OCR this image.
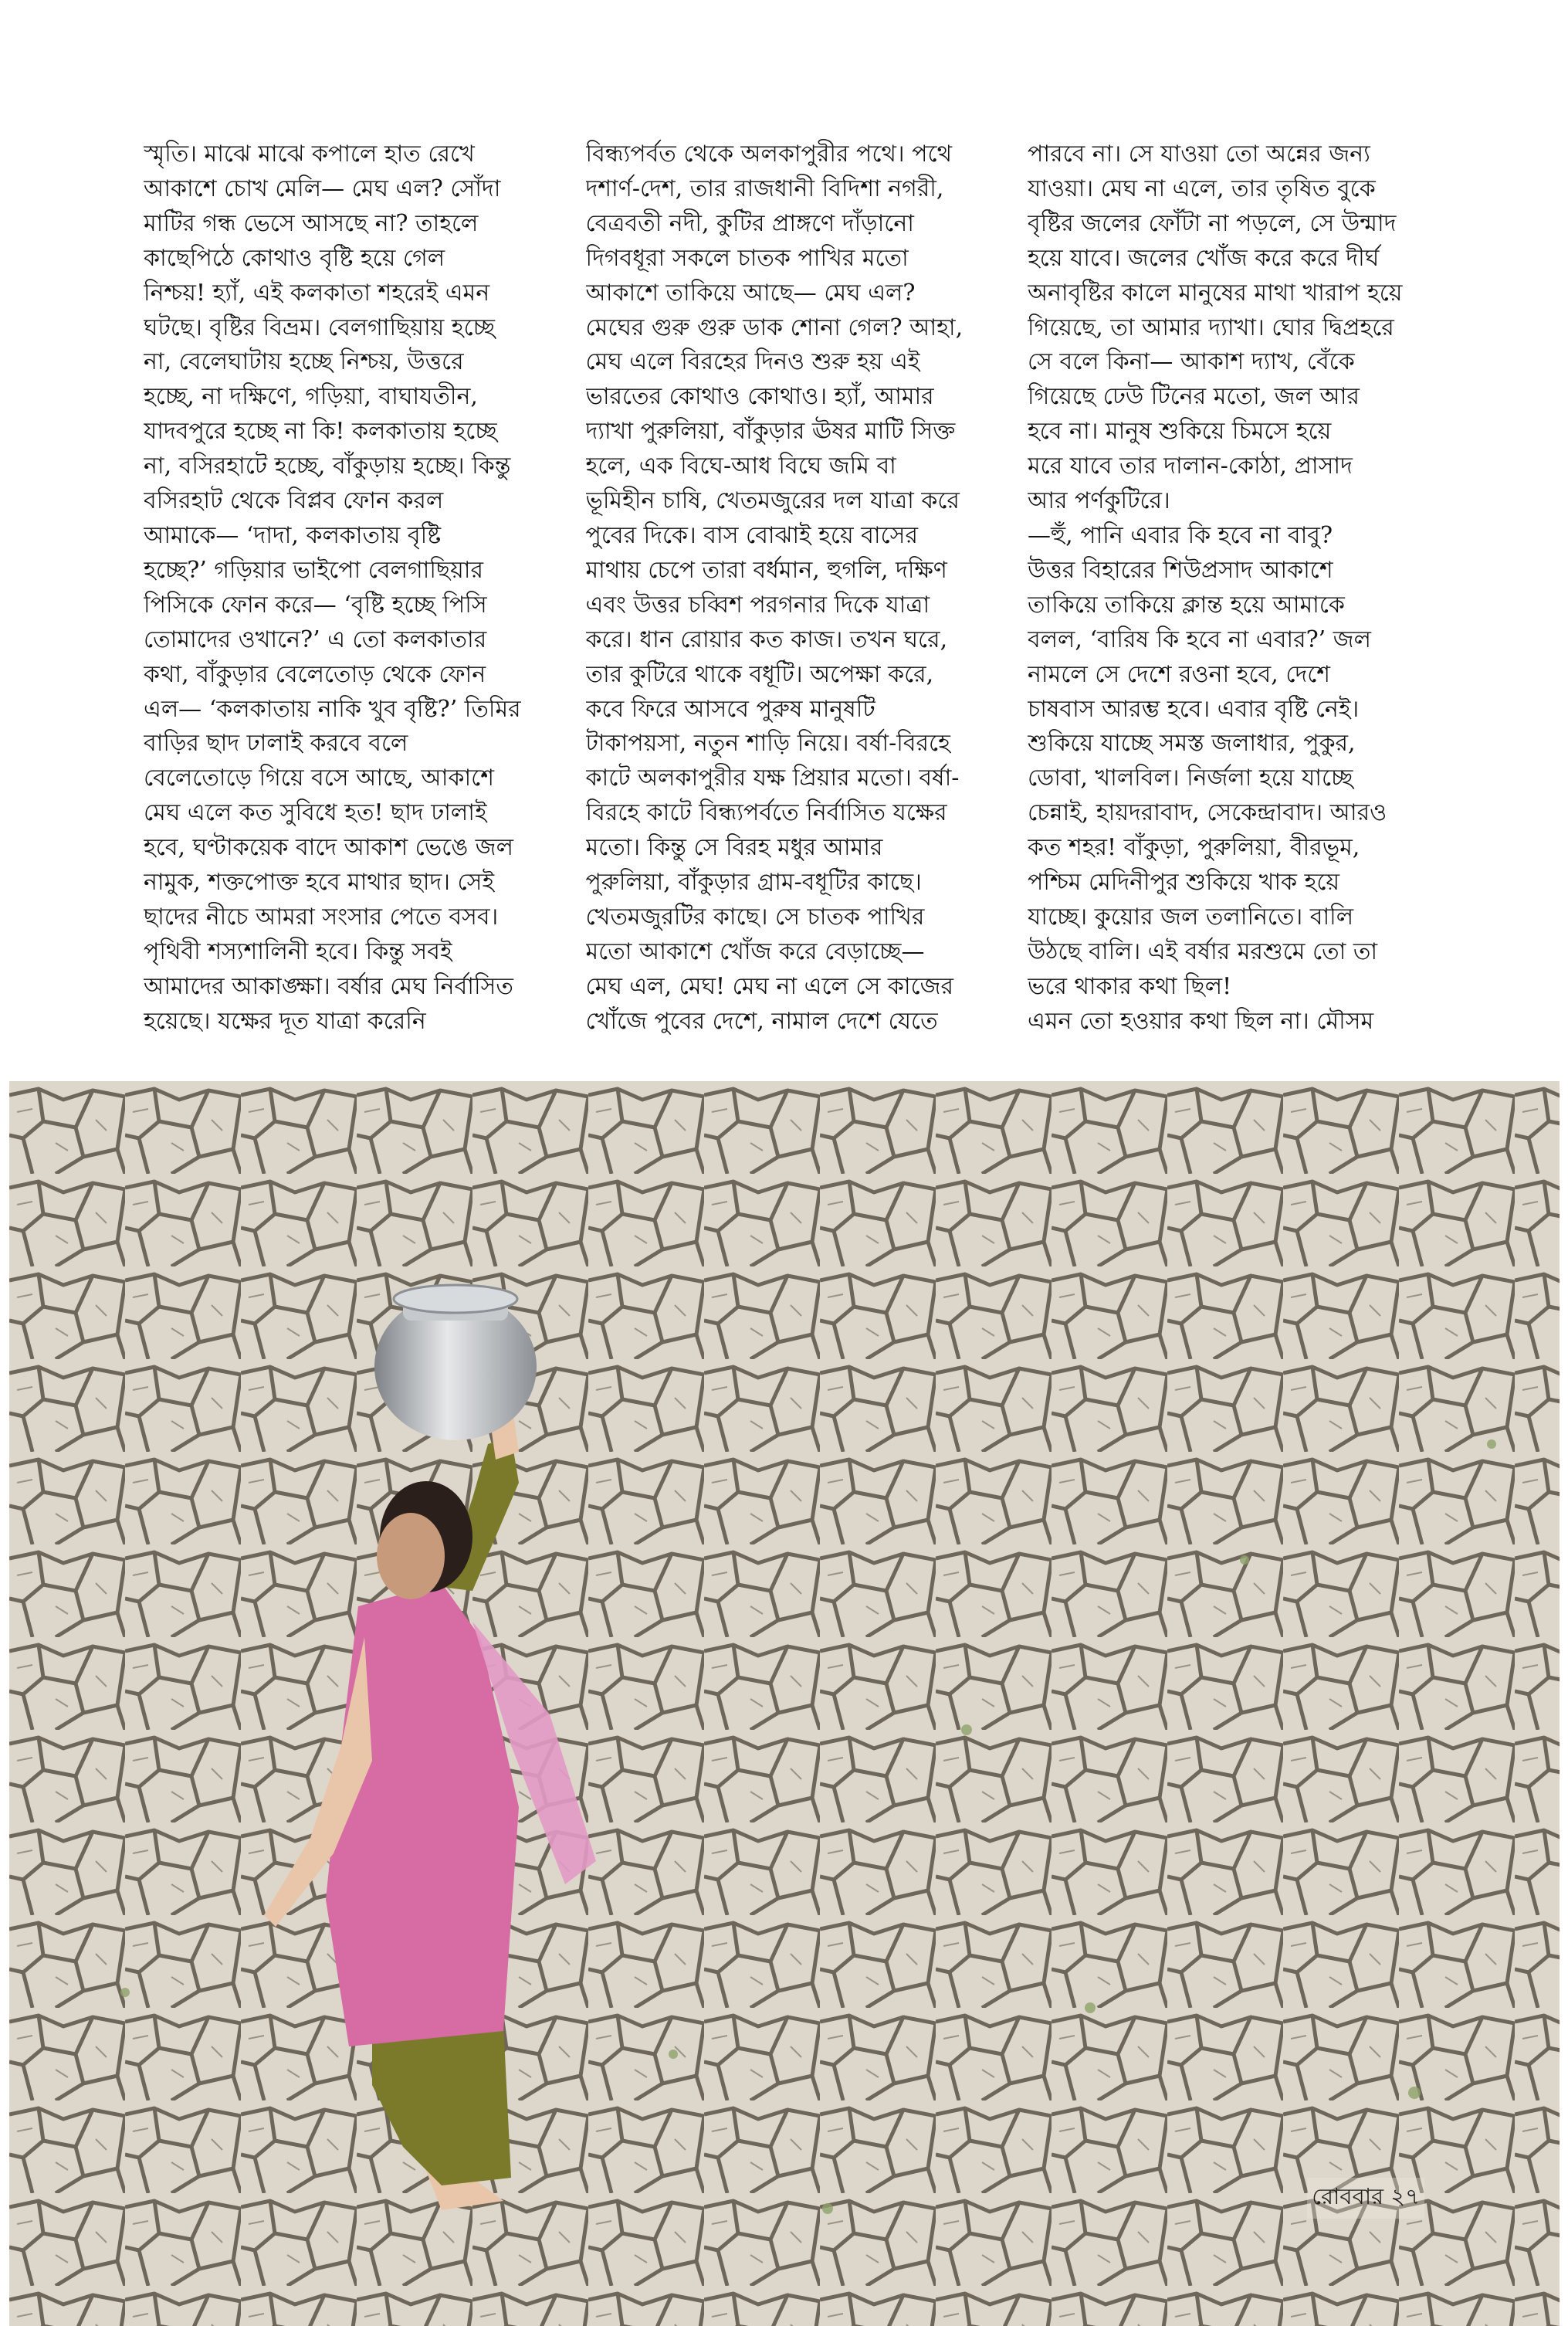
স্মৃতি। মাঝে মাঝে কপালে হাত রেখে

আকাশে চোখ মেলি— মেঘ এল? সোঁদা

মাটির গন্ধ ভেসে আসছে না? তাহলে

কাছেপিঠে কোথাও বৃষ্টি হয়ে গেল

নিশ্চয়! হ্যাঁ, এই কলকাতা শহরেই এমন

ঘটছে। বৃষ্টির বিভ্রম। বেলগাছিয়ায় হচ্ছে

না, বেলেঘাটায় হচ্ছে নিশ্চয়, উত্তরে

হচ্ছে, না দক্ষিণে, গড়িয়া, বাঘাযতীন,

যাদবপুরে হচ্ছে না কি! কলকাতায় হচ্ছে

না, বসিরহাটে হচ্ছে, বাঁকুড়ায় হচ্ছে। কিন্তু

বসিরহাট থেকে বিপ্লব ফোন করল

আমাকে— ‘দাদা, কলকাতায় বৃষ্টি

হচ্ছে?’ গড়িয়ার ভাইপো বেলগাছিয়ার

পিসিকে ফোন করে— ‘বৃষ্টি হচ্ছে পিসি

তোমাদের ওখানে?’ এ তো কলকাতার

কথা, বাঁকুড়ার বেলেতোড় থেকে ফোন

এল— ‘কলকাতায় নাকি খুব বৃষ্টি?’ তিমির

বাড়ির ছাদ ঢালাই করবে বলে

বেলেতোড়ে গিয়ে বসে আছে, আকাশে

মেঘ এলে কত সুবিধে হত! ছাদ ঢালাই

হবে, ঘণ্টাকয়েক বাদে আকাশ ভেঙে জল

নামুক, শক্তপোক্ত হবে মাথার ছাদ। সেই

ছাদের নীচে আমরা সংসার পেতে বসব।

পৃথিবী শস্যশালিনী হবে। কিন্তু সবই

আমাদের আকাঙ্ক্ষা। বর্ষার মেঘ নির্বাসিত

হয়েছে। যক্ষের দূত যাত্রা করেনি

বিন্ধ্যপর্বত থেকে অলকাপুরীর পথে। পথে

দশার্ণ-দেশ, তার রাজধানী বিদিশা নগরী,

বেত্রবতী নদী, কুটির প্রাঙ্গণে দাঁড়ানো

দিগবধূরা সকলে চাতক পাখির মতো

আকাশে তাকিয়ে আছে— মেঘ এল?

মেঘের গুরু গুরু ডাক শোনা গেল? আহা,

মেঘ এলে বিরহের দিনও শুরু হয় এই

ভারতের কোথাও কোথাও। হ্যাঁ, আমার

দ্যাখা পুরুলিয়া, বাঁকুড়ার ঊষর মাটি সিক্ত

হলে, এক বিঘে-আধ বিঘে জমি বা

ভূমিহীন চাষি, খেতমজুরের দল যাত্রা করে

পুবের দিকে। বাস বোঝাই হয়ে বাসের

মাথায় চেপে তারা বর্ধমান, হুগলি, দক্ষিণ

এবং উত্তর চব্বিশ পরগনার দিকে যাত্রা

করে। ধান রোয়ার কত কাজ। তখন ঘরে,

তার কুটিরে থাকে বধূটি। অপেক্ষা করে,

কবে ফিরে আসবে পুরুষ মানুষটি

টাকাপয়সা, নতুন শাড়ি নিয়ে। বর্ষা-বিরহে

কাটে অলকাপুরীর যক্ষ প্রিয়ার মতো। বর্ষা-

বিরহে কাটে বিন্ধ্যপর্বতে নির্বাসিত যক্ষের

মতো। কিন্তু সে বিরহ মধুর আমার

পুরুলিয়া, বাঁকুড়ার গ্রাম-বধূটির কাছে।

খেতমজুরটির কাছে। সে চাতক পাখির

মতো আকাশে খোঁজ করে বেড়াচ্ছে—

মেঘ এল, মেঘ! মেঘ না এলে সে কাজের

খোঁজে পুবের দেশে, নামাল দেশে যেতে

পারবে না। সে যাওয়া তো অন্নের জন্য

যাওয়া। মেঘ না এলে, তার তৃষিত বুকে

বৃষ্টির জলের ফোঁটা না পড়লে, সে উন্মাদ

হয়ে যাবে। জলের খোঁজ করে করে দীর্ঘ

অনাবৃষ্টির কালে মানুষের মাথা খারাপ হয়ে

গিয়েছে, তা আমার দ্যাখা। ঘোর দ্বিপ্রহরে

সে বলে কিনা— আকাশ দ্যাখ, বেঁকে

গিয়েছে ঢেউ টিনের মতো, জল আর

হবে না। মানুষ শুকিয়ে চিমসে হয়ে

মরে যাবে তার দালান-কোঠা, প্রাসাদ

আর পর্ণকুটিরে।

—হুঁ, পানি এবার কি হবে না বাবু?

উত্তর বিহারের শিউপ্রসাদ আকাশে

তাকিয়ে তাকিয়ে ক্লান্ত হয়ে আমাকে

বলল, ‘বারিষ কি হবে না এবার?’ জল

নামলে সে দেশে রওনা হবে, দেশে

চাষবাস আরম্ভ হবে। এবার বৃষ্টি নেই।

শুকিয়ে যাচ্ছে সমস্ত জলাধার, পুকুর,

ডোবা, খালবিল। নির্জলা হয়ে যাচ্ছে

চেন্নাই, হায়দরাবাদ, সেকেন্দ্রাবাদ। আরও

কত শহর! বাঁকুড়া, পুরুলিয়া, বীরভূম,

পশ্চিম মেদিনীপুর শুকিয়ে খাক হয়ে

যাচ্ছে। কুয়োর জল তলানিতে। বালি

উঠছে বালি। এই বর্ষার মরশুমে তো তা

ভরে থাকার কথা ছিল!

এমন তো হওয়ার কথা ছিল না। মৌসম

রোববার ২৭
